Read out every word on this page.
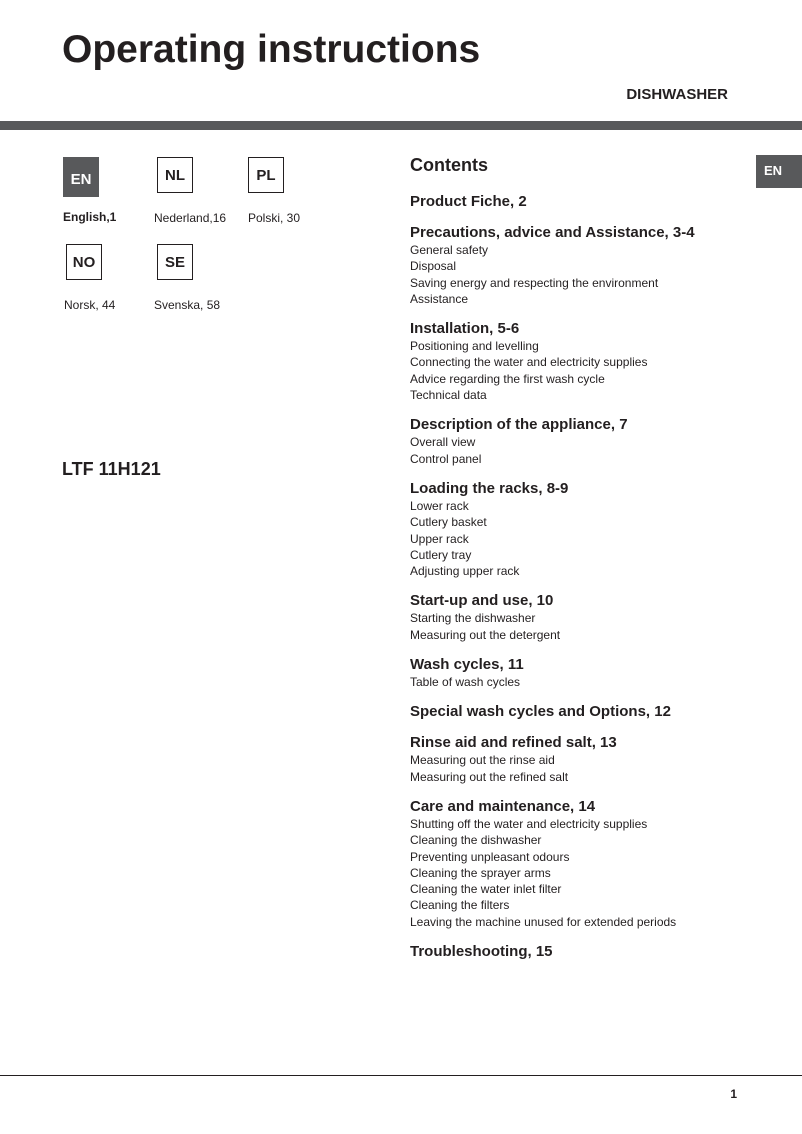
Operating instructions
DISHWASHER
EN
English,1
NL
Nederland,16
PL
Polski, 30
NO
Norsk, 44
SE
Svenska, 58
LTF 11H121
Contents
Product Fiche, 2
Precautions, advice and Assistance, 3-4
General safety
Disposal
Saving energy and respecting the environment
Assistance
Installation, 5-6
Positioning and levelling
Connecting the water and electricity supplies
Advice regarding the first wash cycle
Technical data
Description of the appliance, 7
Overall view
Control panel
Loading the racks, 8-9
Lower rack
Cutlery basket
Upper rack
Cutlery tray
Adjusting upper rack
Start-up and use, 10
Starting the dishwasher
Measuring out the detergent
Wash cycles, 11
Table of wash cycles
Special wash cycles and Options, 12
Rinse aid and refined salt, 13
Measuring out the rinse aid
Measuring out the refined salt
Care and maintenance, 14
Shutting off the water and electricity supplies
Cleaning the dishwasher
Preventing unpleasant odours
Cleaning the sprayer arms
Cleaning the water inlet filter
Cleaning the filters
Leaving the machine unused for extended periods
Troubleshooting, 15
EN
1
